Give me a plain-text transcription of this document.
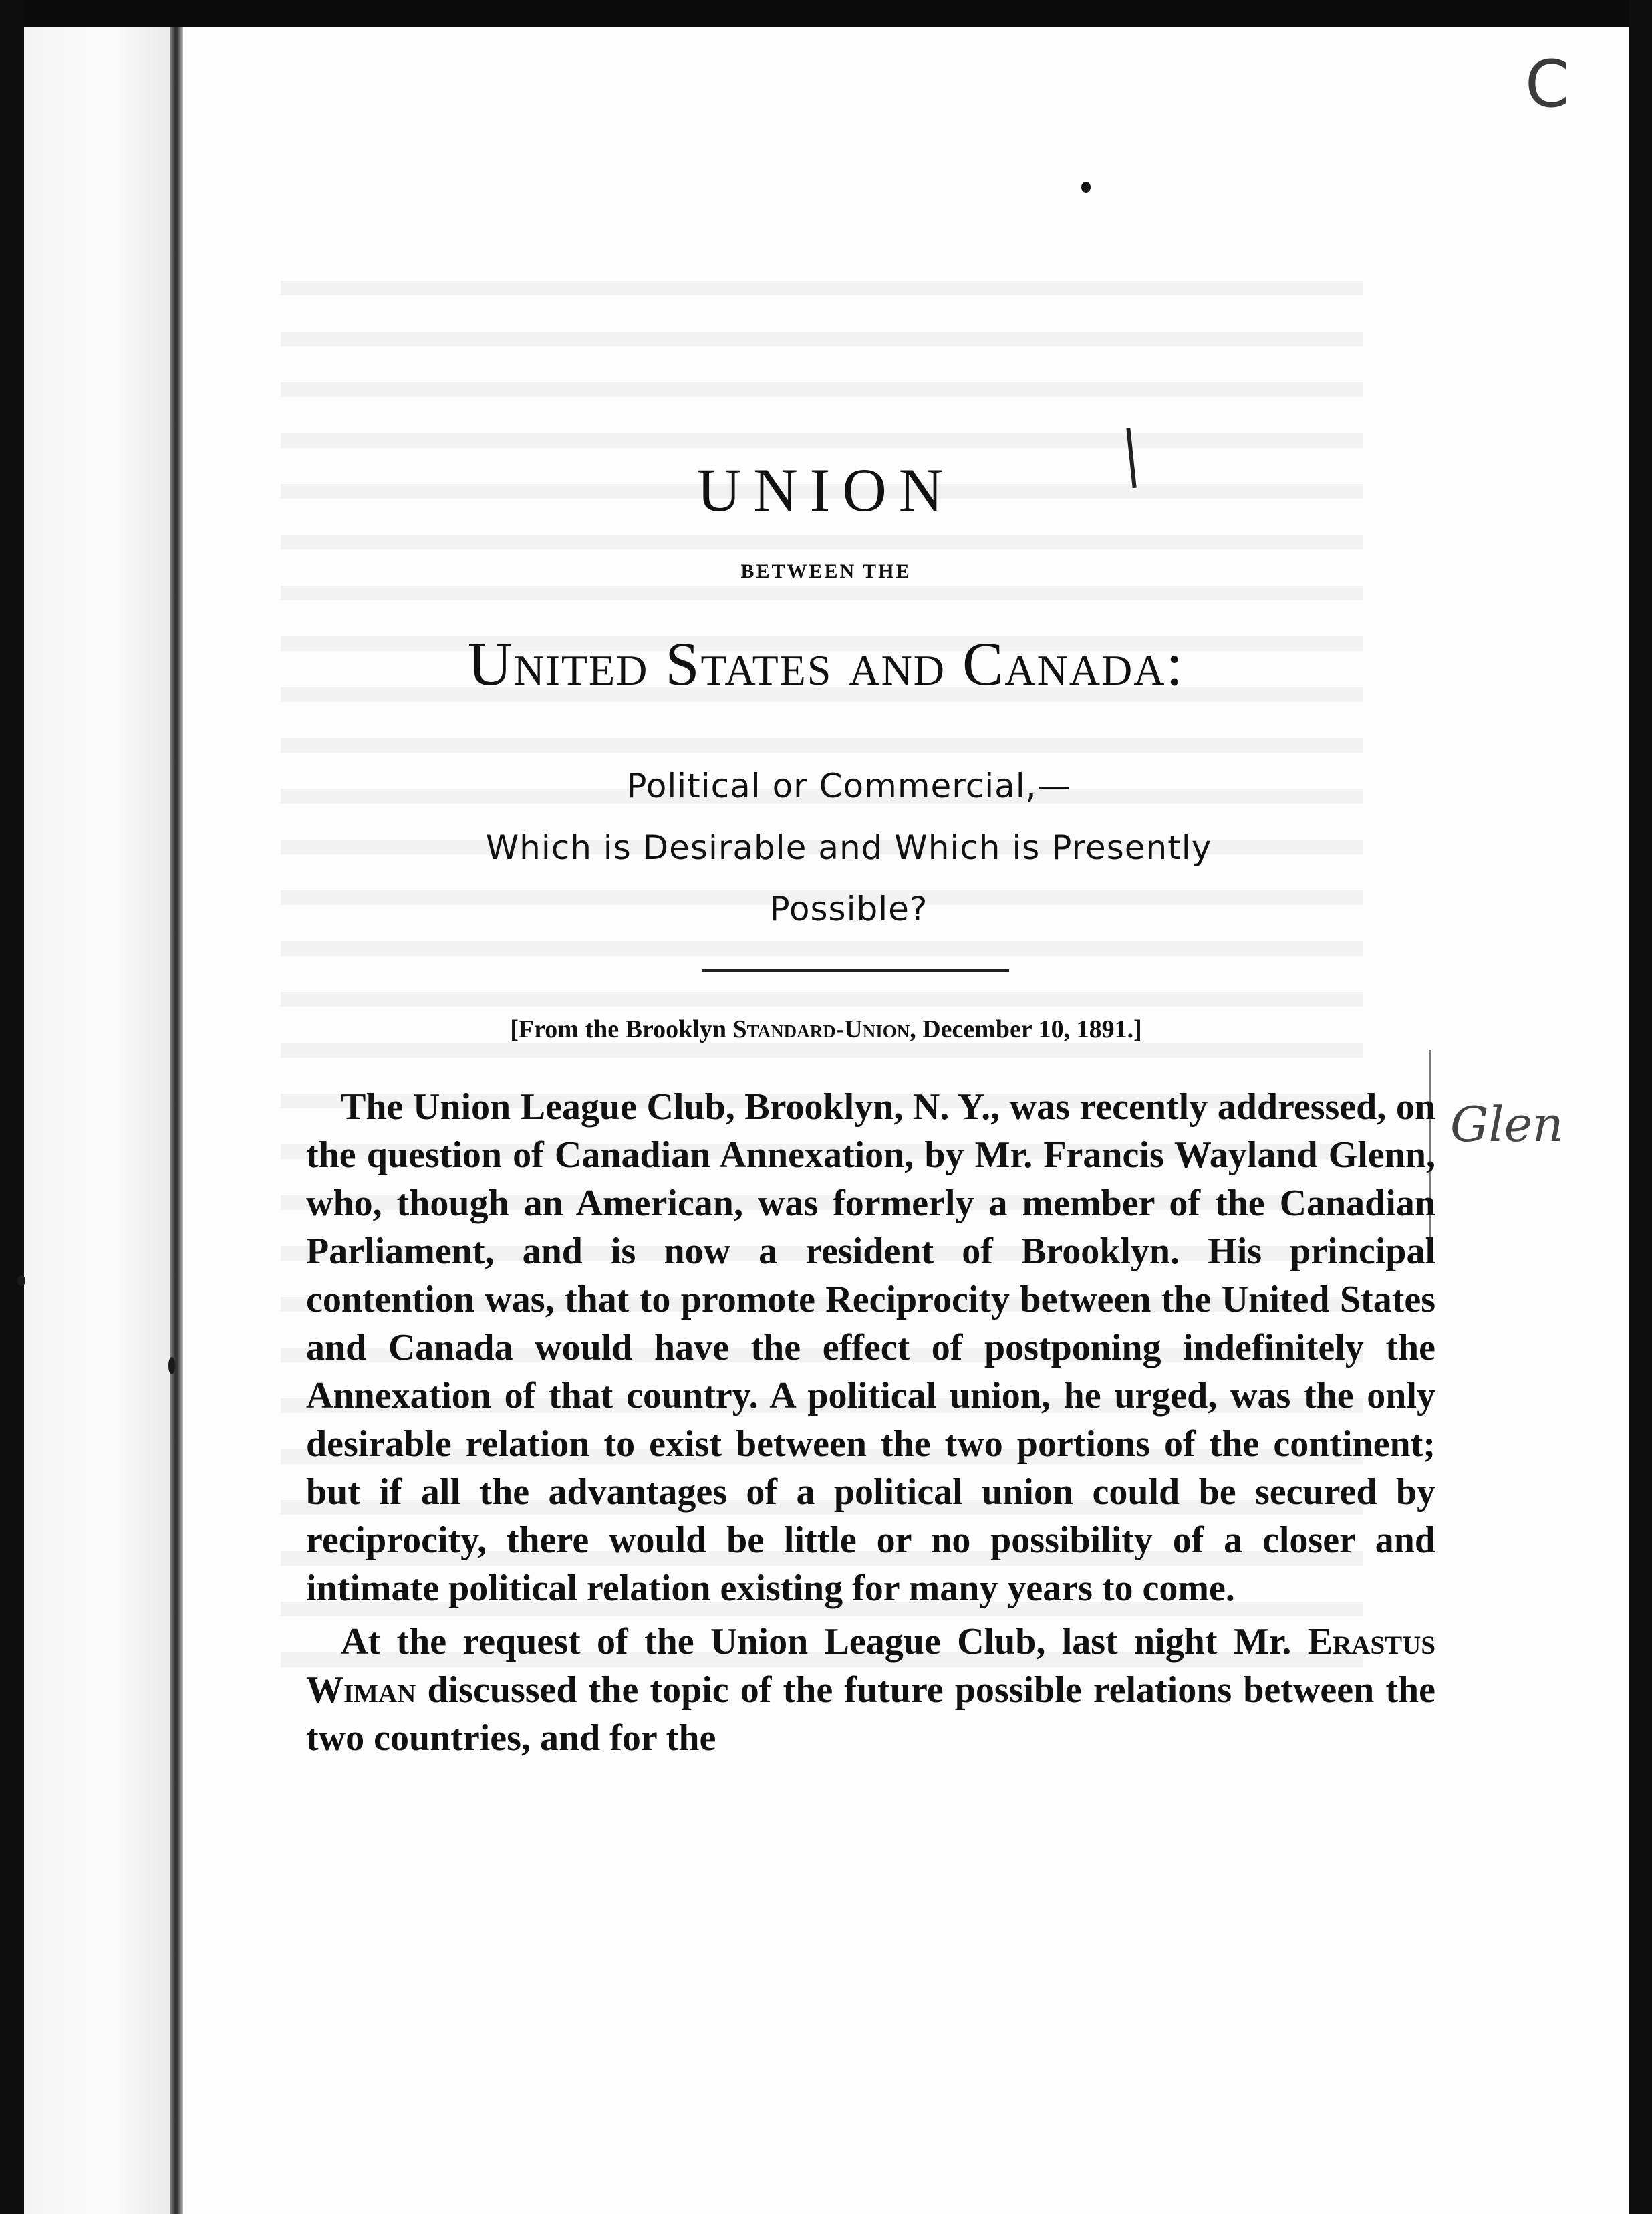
C
UNION
BETWEEN THE
United States and Canada:
Political or Commercial,—
Which is Desirable and Which is Presently
Possible?
[From the Brooklyn Standard-Union, December 10, 1891.]
Glen

The Union League Club, Brooklyn, N. Y., was recently addressed, on the question of Canadian Annexation, by Mr. Francis Wayland Glenn, who, though an American, was formerly a member of the Canadian Parliament, and is now a resident of Brooklyn. His principal contention was, that to promote Reciprocity between the United States and Canada would have the effect of postponing indefinitely the Annexation of that country. A political union, he urged, was the only desirable relation to exist between the two portions of the continent; but if all the advantages of a political union could be secured by reciprocity, there would be little or no possibility of a closer and intimate political relation existing for many years to come.

At the request of the Union League Club, last night Mr. Erastus Wiman discussed the topic of the future possible relations between the two countries, and for the
